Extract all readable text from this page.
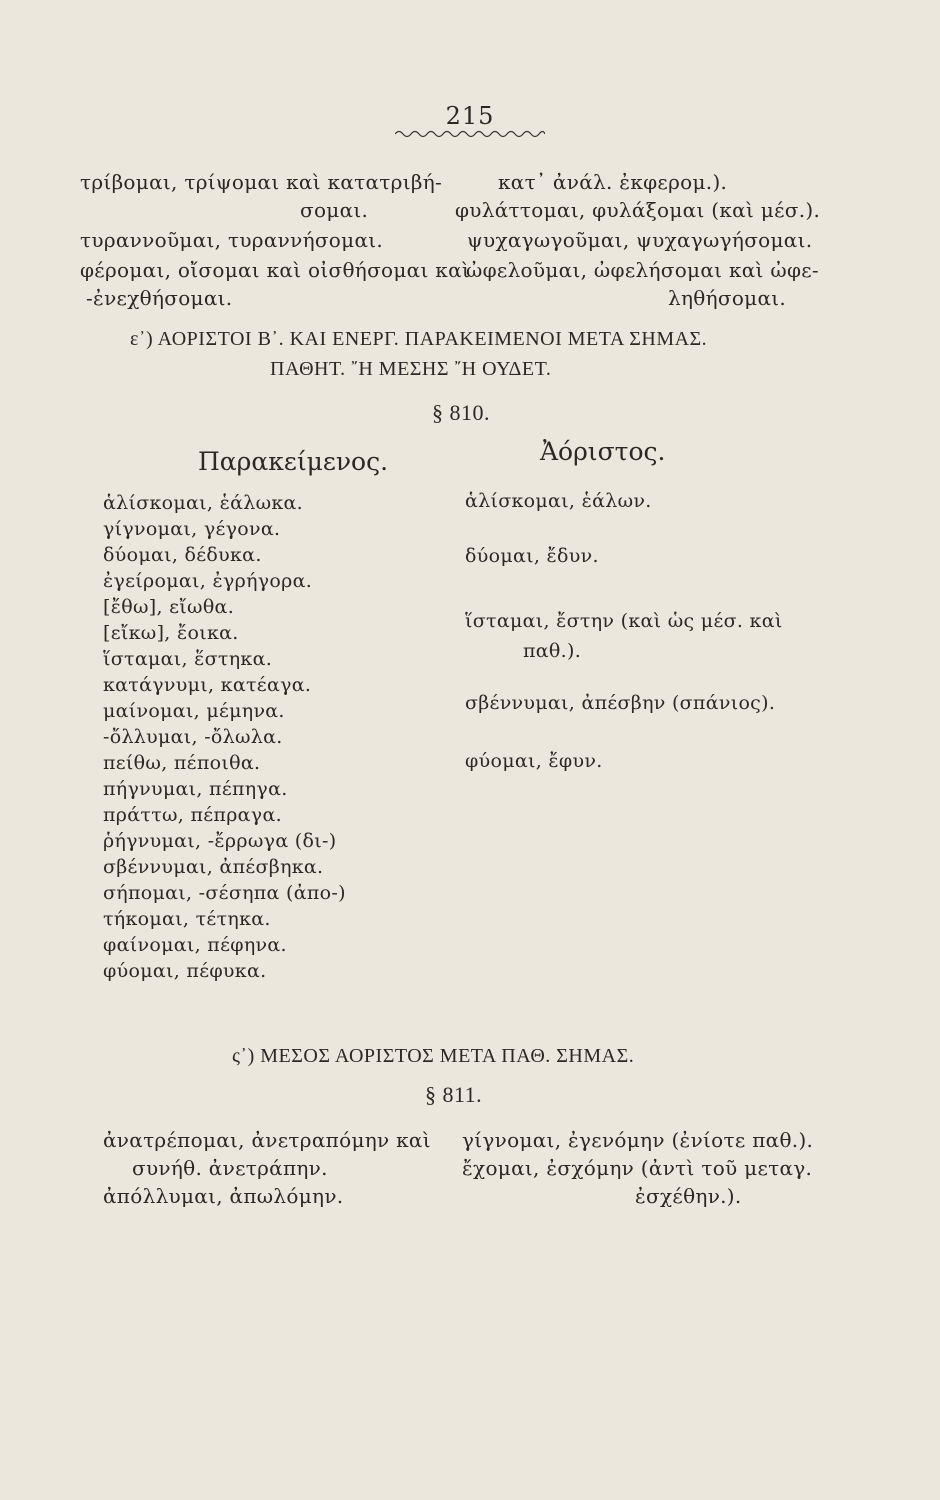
215
τρίβομαι, τρίψομαι καὶ κατατριβή-
σομαι.
τυραννοῦμαι, τυραννήσομαι.
φέρομαι, οἴσομαι καὶ οἰσθήσομαι καὶ
-ἐνεχθήσομαι.
κατ᾽ ἀνάλ. ἐκφερομ.).
φυλάττομαι, φυλάξομαι (καὶ μέσ.).
ψυχαγωγοῦμαι, ψυχαγωγήσομαι.
ὠφελοῦμαι, ὠφελήσομαι καὶ ὠφε-
ληθήσομαι.
ε᾽) ΑΟΡΙΣΤΟΙ Β᾽. ΚΑΙ ΕΝΕΡΓ. ΠΑΡΑΚΕΙΜΕΝΟΙ ΜΕΤΑ ΣΗΜΑΣ.
ΠΑΘΗΤ. ῎Η ΜΕΣΗΣ ῎Η ΟΥΔΕΤ.
§ 810.
Παρακείμενος.	Ἀόριστος.
ἁλίσκομαι, ἑάλωκα.
γίγνομαι, γέγονα.
δύομαι, δέδυκα.
ἐγείρομαι, ἐγρήγορα.
[ἔθω], εἴωθα.
[εἴκω], ἔοικα.
ἵσταμαι, ἕστηκα.
κατάγνυμι, κατέαγα.
μαίνομαι, μέμηνα.
-ὄλλυμαι, -ὄλωλα.
πείθω, πέποιθα.
πήγνυμαι, πέπηγα.
πράττω, πέπραγα.
ῥήγνυμαι, -ἔρρωγα (δι-)
σβέννυμαι, ἀπέσβηκα.
σήπομαι, -σέσηπα (ἀπο-)
τήκομαι, τέτηκα.
φαίνομαι, πέφηνα.
φύομαι, πέφυκα.
ἁλίσκομαι, ἑάλων.
δύομαι, ἔδυν.
ἵσταμαι, ἔστην (καὶ ὡς μέσ. καὶ
παθ.).
σβέννυμαι, ἀπέσβην (σπάνιος).
φύομαι, ἔφυν.
ς᾽) ΜΕΣΟΣ ΑΟΡΙΣΤΟΣ ΜΕΤΑ ΠΑΘ. ΣΗΜΑΣ.
§ 811.
ἀνατρέπομαι, ἀνετραπόμην καὶ
συνήθ. ἀνετράπην.
ἀπόλλυμαι, ἀπωλόμην.
γίγνομαι, ἐγενόμην (ἐνίοτε παθ.).
ἔχομαι, ἐσχόμην (ἀντὶ τοῦ μεταγ.
ἐσχέθην.).
